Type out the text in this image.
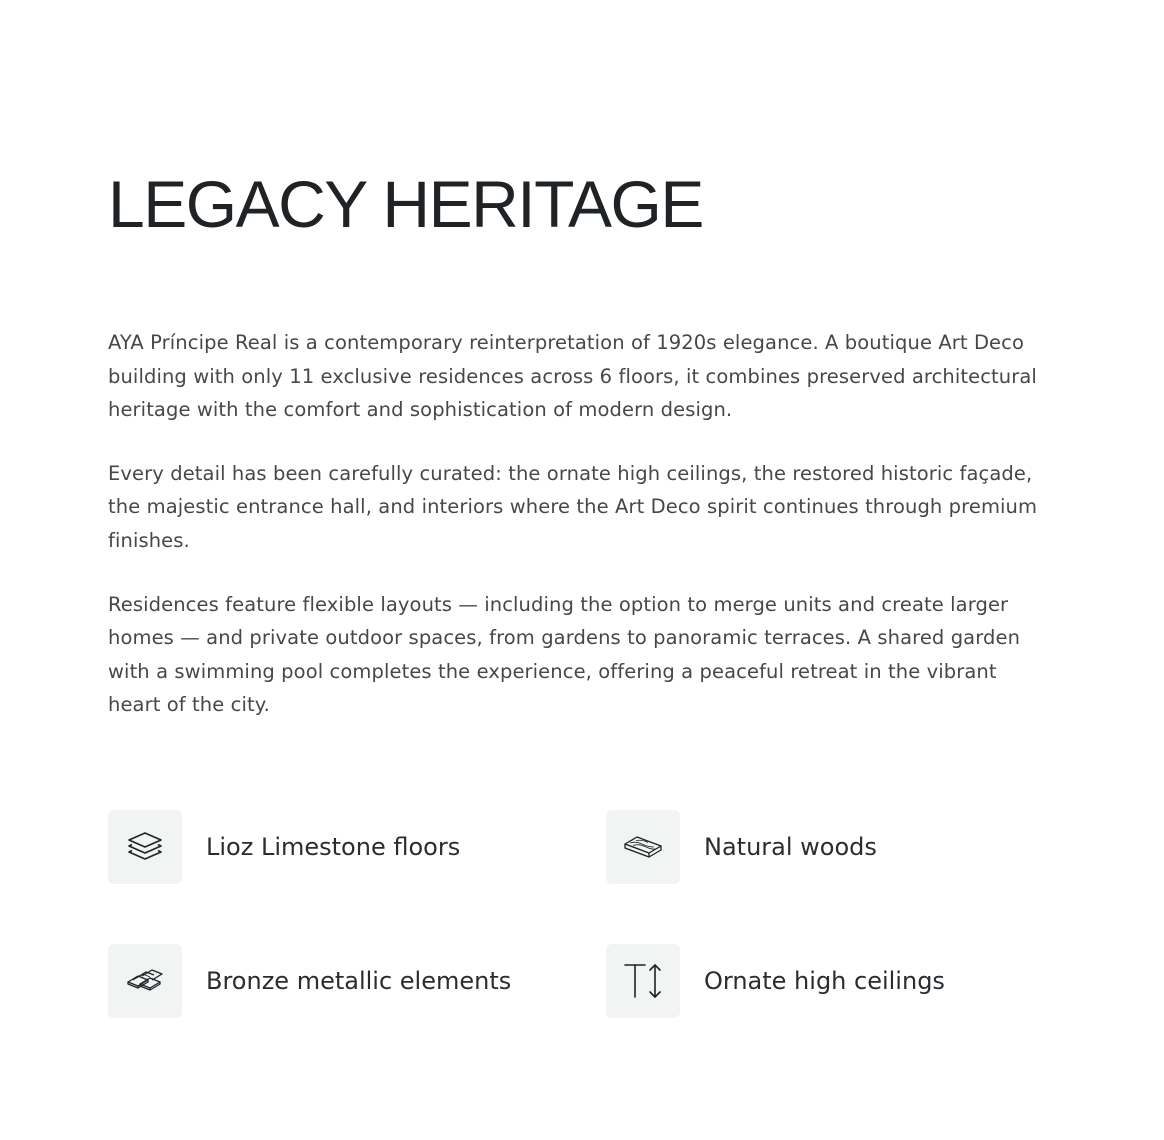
LEGACY HERITAGE

AYA Príncipe Real is a contemporary reinterpretation of 1920s elegance. A boutique Art Deco building with only 11 exclusive residences across 6 floors, it combines preserved architectural heritage with the comfort and sophistication of modern design.

Every detail has been carefully curated: the ornate high ceilings, the restored historic façade, the majestic entrance hall, and interiors where the Art Deco spirit continues through premium finishes.

Residences feature flexible layouts — including the option to merge units and create larger homes — and private outdoor spaces, from gardens to panoramic terraces. A shared garden with a swimming pool completes the experience, offering a peaceful retreat in the vibrant heart of the city.

Lioz Limestone floors	Natural woods
Bronze metallic elements	Ornate high ceilings
